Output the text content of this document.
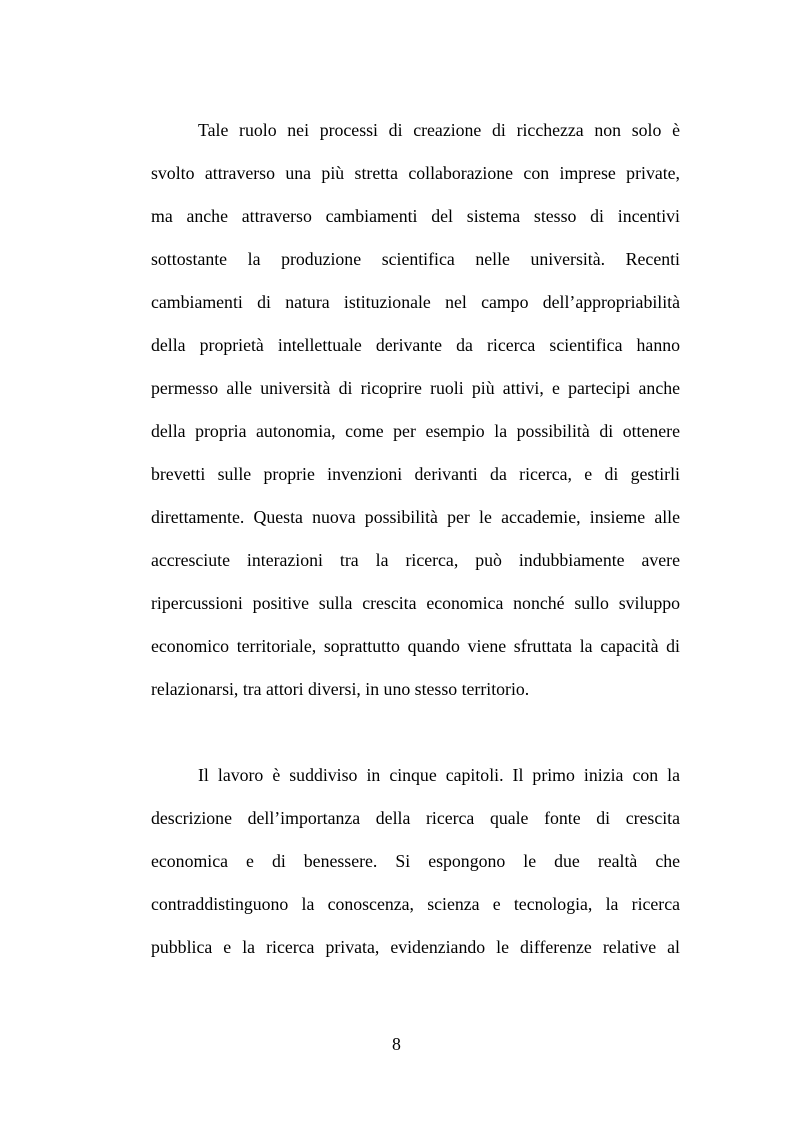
Tale ruolo nei processi di creazione di ricchezza non solo è
svolto attraverso una più stretta collaborazione con imprese private,
ma anche attraverso cambiamenti del sistema stesso di incentivi
sottostante la produzione scientifica nelle università. Recenti
cambiamenti di natura istituzionale nel campo dell’appropriabilità
della proprietà intellettuale derivante da ricerca scientifica hanno
permesso alle università di ricoprire ruoli più attivi, e partecipi anche
della propria autonomia, come per esempio la possibilità di ottenere
brevetti sulle proprie invenzioni derivanti da ricerca, e di gestirli
direttamente. Questa nuova possibilità per le accademie, insieme alle
accresciute interazioni tra la ricerca, può indubbiamente avere
ripercussioni positive sulla crescita economica nonché sullo sviluppo
economico territoriale, soprattutto quando viene sfruttata la capacità di
relazionarsi, tra attori diversi, in uno stesso territorio.

Il lavoro è suddiviso in cinque capitoli. Il primo inizia con la
descrizione dell’importanza della ricerca quale fonte di crescita
economica e di benessere. Si espongono le due realtà che
contraddistinguono la conoscenza, scienza e tecnologia, la ricerca
pubblica e la ricerca privata, evidenziando le differenze relative al

8
